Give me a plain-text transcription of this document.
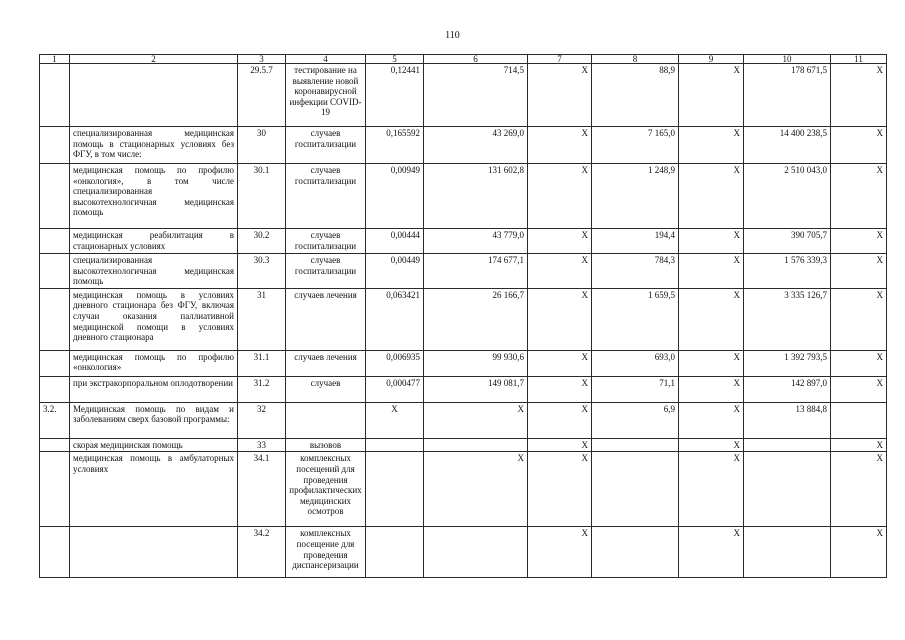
110
1	2	3	4	5	6	7	8	9	10	11
		29.5.7	тестирование на выявление новой коронавирусной инфекции COVID-19	0,12441	714,5	X	88,9	X	178 671,5	X
	специализированная медицинская помощь в стационарных условиях без ФГУ, в том числе:	30	случаев госпитализации	0,165592	43 269,0	X	7 165,0	X	14 400 238,5	X
	медицинская помощь по профилю «онкология», в том числе специализированная высокотехнологичная медицинская помощь	30.1	случаев госпитализации	0,00949	131 602,8	X	1 248,9	X	2 510 043,0	X
	медицинская реабилитация в стационарных условиях	30.2	случаев госпитализации	0,00444	43 779,0	X	194,4	X	390 705,7	X
	специализированная высокотехнологичная медицинская помощь	30.3	случаев госпитализации	0,00449	174 677,1	X	784,3	X	1 576 339,3	X
	медицинская помощь в условиях дневного стационара без ФГУ, включая случаи оказания паллиативной медицинской помощи в условиях дневного стационара	31	случаев лечения	0,063421	26 166,7	X	1 659,5	X	3 335 126,7	X
	медицинская помощь по профилю «онкология»	31.1	случаев лечения	0,006935	99 930,6	X	693,0	X	1 392 793,5	X
	при экстракорпоральном оплодотворении	31.2	случаев	0,000477	149 081,7	X	71,1	X	142 897,0	X
3.2.	Медицинская помощь по видам и заболеваниям сверх базовой программы:	32		X	X	X	6,9	X	13 884,8	
	скорая медицинская помощь	33	вызовов			X		X		X
	медицинская помощь в амбулаторных условиях	34.1	комплексных посещений для проведения профилактических медицинских осмотров		X	X		X		X
		34.2	комплексных посещение для проведения диспансеризации			X		X		X
